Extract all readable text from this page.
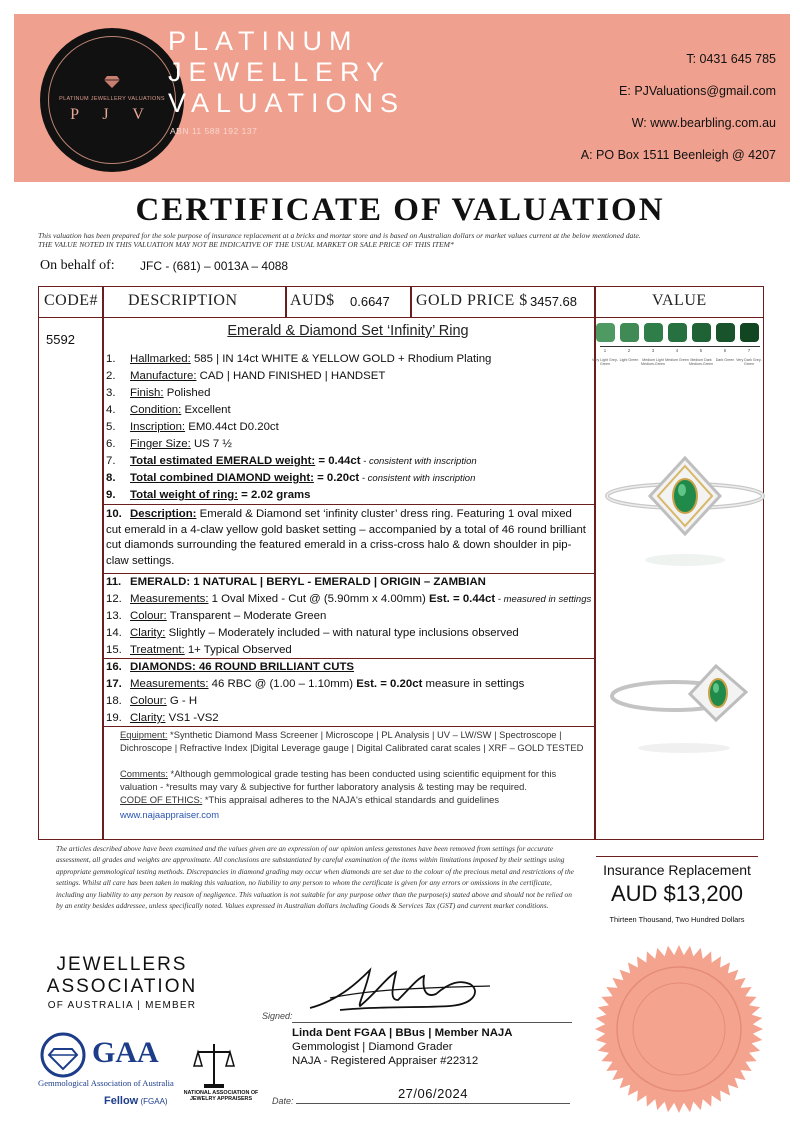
PLATINUM JEWELLERY VALUATIONS
P J V
PLATINUM
JEWELLERY
VALUATIONS
ABN 11 588 192 137
T: 0431 645 785
E: PJValuations@gmail.com
W: www.bearbling.com.au
A: PO Box 1511 Beenleigh @ 4207
CERTIFICATE OF VALUATION
This valuation has been prepared for the sole purpose of insurance replacement at a bricks and mortar store and is based on Australian dollars or market values current at the below mentioned date.
THE VALUE NOTED IN THIS VALUATION MAY NOT BE INDICATIVE OF THE USUAL MARKET OR SALE PRICE OF THIS ITEM*
On behalf of: JFC - (681) – 0013A – 4088
CODE# DESCRIPTION	AUD$ 0.6647 GOLD PRICE $ 3457.68	VALUE
5592
Emerald & Diamond Set ‘Infinity’ Ring
1. Hallmarked: 585 | IN 14ct WHITE & YELLOW GOLD + Rhodium Plating
2. Manufacture: CAD | HAND FINISHED | HANDSET
3. Finish: Polished
4. Condition: Excellent
5. Inscription: EM0.44ct D0.20ct
6. Finger Size: US 7 ½
7. Total estimated EMERALD weight: = 0.44ct - consistent with inscription
8. Total combined DIAMOND weight: = 0.20ct - consistent with inscription
9. Total weight of ring: = 2.02 grams
10. Description: Emerald & Diamond set ‘infinity cluster’ dress ring. Featuring 1 oval mixed cut emerald in a 4-claw yellow gold basket setting – accompanied by a total of 46 round brilliant cut diamonds surrounding the featured emerald in a criss-cross halo & down shoulder in pip-claw settings.
11. EMERALD: 1 NATURAL | BERYL - EMERALD | ORIGIN – ZAMBIAN
12. Measurements: 1 Oval Mixed - Cut @ (5.90mm x 4.00mm) Est. = 0.44ct - measured in settings
13. Colour: Transparent – Moderate Green
14. Clarity: Slightly – Moderately included – with natural type inclusions observed
15. Treatment: 1+ Typical Observed
16. DIAMONDS: 46 ROUND BRILLIANT CUTS
17. Measurements: 46 RBC @ (1.00 – 1.10mm) Est. = 0.20ct measure in settings
18. Colour: G - H
19. Clarity: VS1 -VS2
Equipment: *Synthetic Diamond Mass Screener | Microscope | PL Analysis | UV – LW/SW | Spectroscope | Dichroscope | Refractive Index |Digital Leverage gauge | Digital Calibrated carat scales | XRF – GOLD TESTED
Comments: *Although gemmological grade testing has been conducted using scientific equipment for this valuation - *results may vary & subjective for further laboratory analysis & testing may be required.
CODE OF ETHICS: *This appraisal adheres to the NAJA's ethical standards and guidelines
www.najaappraiser.com
1	2	3	4	5	6	7
Very Light Grey-Green
Light Green	Medium Light Medium-Green
Medium Green Medium Dark Medium-Green
Dark Green Very Dark Grey-Green
The articles described above have been examined and the values given are an expression of our opinion unless gemstones have been removed from settings for accurate assessment, all grades and weights are approximate. All conclusions are substantiated by careful examination of the items within limitations imposed by their settings using appropriate gemmological testing methods. Discrepancies in diamond grading may occur when diamonds are set due to the colour of the precious metal and restrictions of the settings. Whilst all care has been taken in making this valuation, no liability to any person to whom the certificate is given for any errors or omissions in the certificate, including any liability to any person by reason of negligence. This valuation is not suitable for any purpose other than the purpose(s) stated above and should not be relied on by an entity besides addressee, unless specifically noted. Values expressed in Australian dollars including Goods & Services Tax (GST) and current market conditions.
Insurance Replacement
AUD $13,200
Thirteen Thousand, Two Hundred Dollars
JEWELLERS
ASSOCIATION
OF AUSTRALIA | MEMBER
GAA
Gemmological Association of Australia
Fellow (FGAA)
NATIONAL ASSOCIATION OF JEWELRY APPRAISERS
Signed:
Linda Dent FGAA | BBus | Member NAJA
Gemmologist | Diamond Grader
NAJA - Registered Appraiser #22312
Date:	27/06/2024
